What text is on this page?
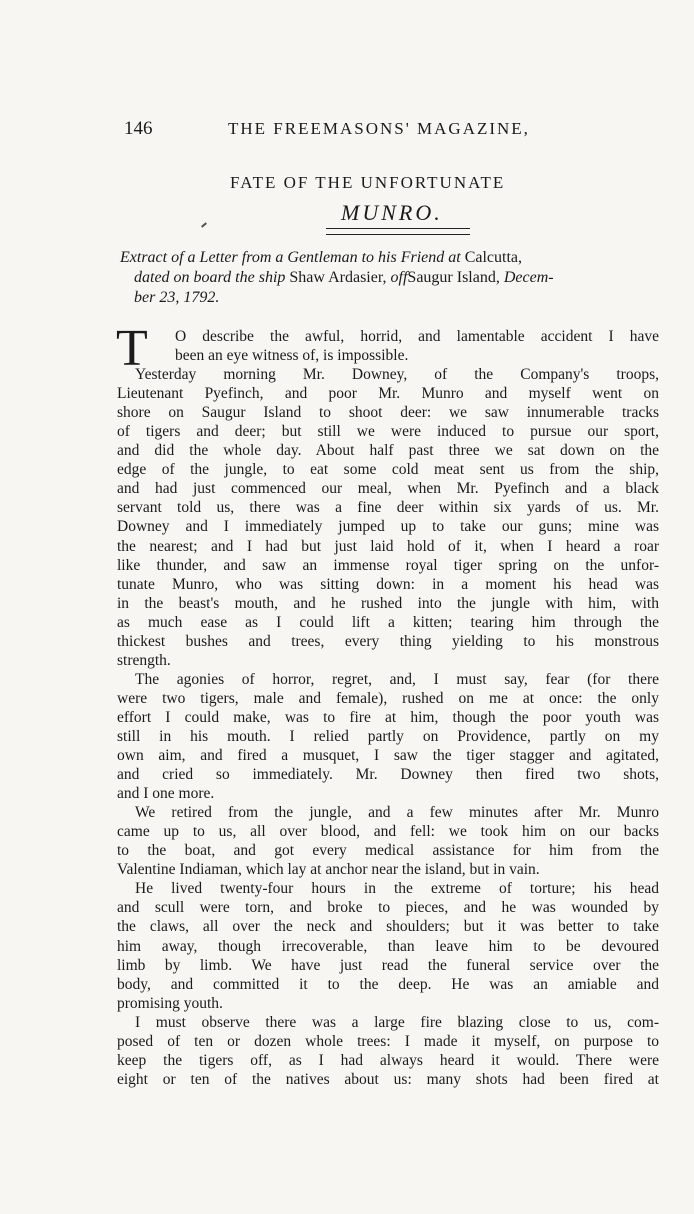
146	THE FREEMASONS' MAGAZINE,
FATE OF THE UNFORTUNATE
MUNRO.
Extract of a Letter from a Gentleman to his Friend at Calcutta,
dated on board the ship Shaw Ardasier, offSaugur Island, Decem-
ber 23, 1792.
T	O describe the awful, horrid, and lamentable accident I have
been an eye witness of, is impossible.
Yesterday morning Mr. Downey, of the Company's troops,
Lieutenant Pyefinch, and poor Mr. Munro and myself went on
shore on Saugur Island to shoot deer: we saw innumerable tracks
of tigers and deer; but still we were induced to pursue our sport,
and did the whole day. About half past three we sat down on the
edge of the jungle, to eat some cold meat sent us from the ship,
and had just commenced our meal, when Mr. Pyefinch and a black
servant told us, there was a fine deer within six yards of us. Mr.
Downey and I immediately jumped up to take our guns; mine was
the nearest; and I had but just laid hold of it, when I heard a roar
like thunder, and saw an immense royal tiger spring on the unfor-
tunate Munro, who was sitting down: in a moment his head was
in the beast's mouth, and he rushed into the jungle with him, with
as much ease as I could lift a kitten; tearing him through the
thickest bushes and trees, every thing yielding to his monstrous
strength.
The agonies of horror, regret, and, I must say, fear (for there
were two tigers, male and female), rushed on me at once: the only
effort I could make, was to fire at him, though the poor youth was
still in his mouth. I relied partly on Providence, partly on my
own aim, and fired a musquet, I saw the tiger stagger and agitated,
and cried so immediately. Mr. Downey then fired two shots,
and I one more.
We retired from the jungle, and a few minutes after Mr. Munro
came up to us, all over blood, and fell: we took him on our backs
to the boat, and got every medical assistance for him from the
Valentine Indiaman, which lay at anchor near the island, but in vain.
He lived twenty-four hours in the extreme of torture; his head
and scull were torn, and broke to pieces, and he was wounded by
the claws, all over the neck and shoulders; but it was better to take
him away, though irrecoverable, than leave him to be devoured
limb by limb. We have just read the funeral service over the
body, and committed it to the deep. He was an amiable and
promising youth.
I must observe there was a large fire blazing close to us, com-
posed of ten or dozen whole trees: I made it myself, on purpose to
keep the tigers off, as I had always heard it would. There were
eight or ten of the natives about us: many shots had been fired at
